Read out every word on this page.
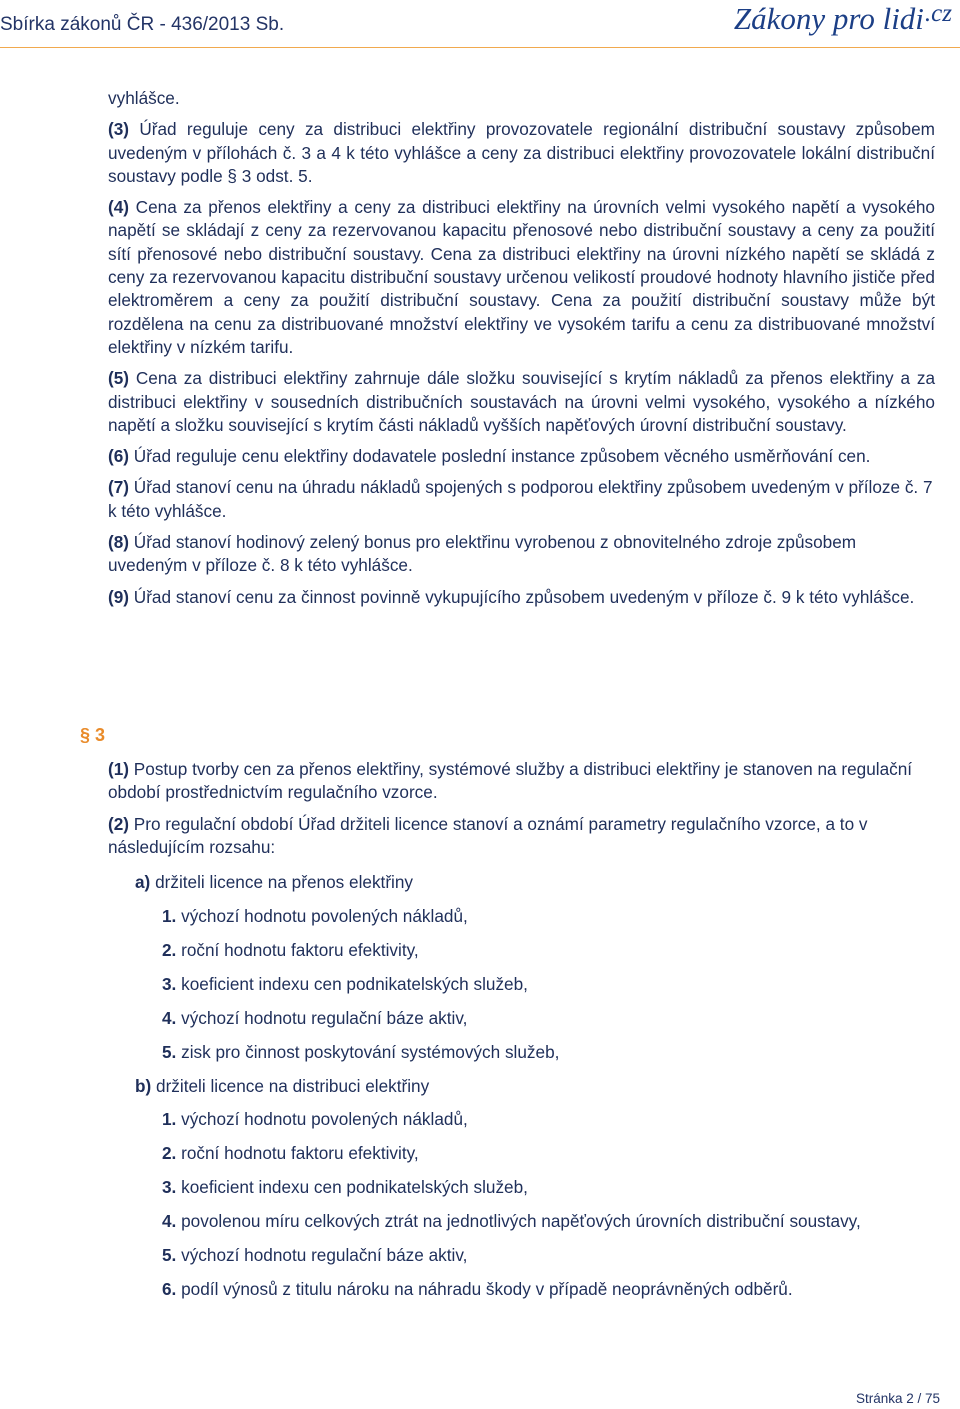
Sbírka zákonů ČR - 436/2013 Sb.	Zákony pro lidi$^{.cz}$

vyhlášce.

(3) Úřad reguluje ceny za distribuci elektřiny provozovatele regionální distribuční soustavy způsobem uvedeným v přílohách č. 3 a 4 k této vyhlášce a ceny za distribuci elektřiny provozovatele lokální distribuční soustavy podle § 3 odst. 5.

(4) Cena za přenos elektřiny a ceny za distribuci elektřiny na úrovních velmi vysokého napětí a vysokého napětí se skládají z ceny za rezervovanou kapacitu přenosové nebo distribuční soustavy a ceny za použití sítí přenosové nebo distribuční soustavy. Cena za distribuci elektřiny na úrovni nízkého napětí se skládá z ceny za rezervovanou kapacitu distribuční soustavy určenou velikostí proudové hodnoty hlavního jističe před elektroměrem a ceny za použití distribuční soustavy. Cena za použití distribuční soustavy může být rozdělena na cenu za distribuované množství elektřiny ve vysokém tarifu a cenu za distribuované množství elektřiny v nízkém tarifu.

(5) Cena za distribuci elektřiny zahrnuje dále složku související s krytím nákladů za přenos elektřiny a za distribuci elektřiny v sousedních distribučních soustavách na úrovni velmi vysokého, vysokého a nízkého napětí a složku související s krytím části nákladů vyšších napěťových úrovní distribuční soustavy.

(6) Úřad reguluje cenu elektřiny dodavatele poslední instance způsobem věcného usměrňování cen.

(7) Úřad stanoví cenu na úhradu nákladů spojených s podporou elektřiny způsobem uvedeným v příloze č. 7 k této vyhlášce.

(8) Úřad stanoví hodinový zelený bonus pro elektřinu vyrobenou z obnovitelného zdroje způsobem uvedeným v příloze č. 8 k této vyhlášce.

(9) Úřad stanoví cenu za činnost povinně vykupujícího způsobem uvedeným v příloze č. 9 k této vyhlášce.

§ 3

(1) Postup tvorby cen za přenos elektřiny, systémové služby a distribuci elektřiny je stanoven na regulační období prostřednictvím regulačního vzorce.

(2) Pro regulační období Úřad držiteli licence stanoví a oznámí parametry regulačního vzorce, a to v následujícím rozsahu:

a) držiteli licence na přenos elektřiny
1. výchozí hodnotu povolených nákladů,
2. roční hodnotu faktoru efektivity,
3. koeficient indexu cen podnikatelských služeb,
4. výchozí hodnotu regulační báze aktiv,
5. zisk pro činnost poskytování systémových služeb,
b) držiteli licence na distribuci elektřiny
1. výchozí hodnotu povolených nákladů,
2. roční hodnotu faktoru efektivity,
3. koeficient indexu cen podnikatelských služeb,
4. povolenou míru celkových ztrát na jednotlivých napěťových úrovních distribuční soustavy,
5. výchozí hodnotu regulační báze aktiv,
6. podíl výnosů z titulu nároku na náhradu škody v případě neoprávněných odběrů.
Stránka 2 / 75
